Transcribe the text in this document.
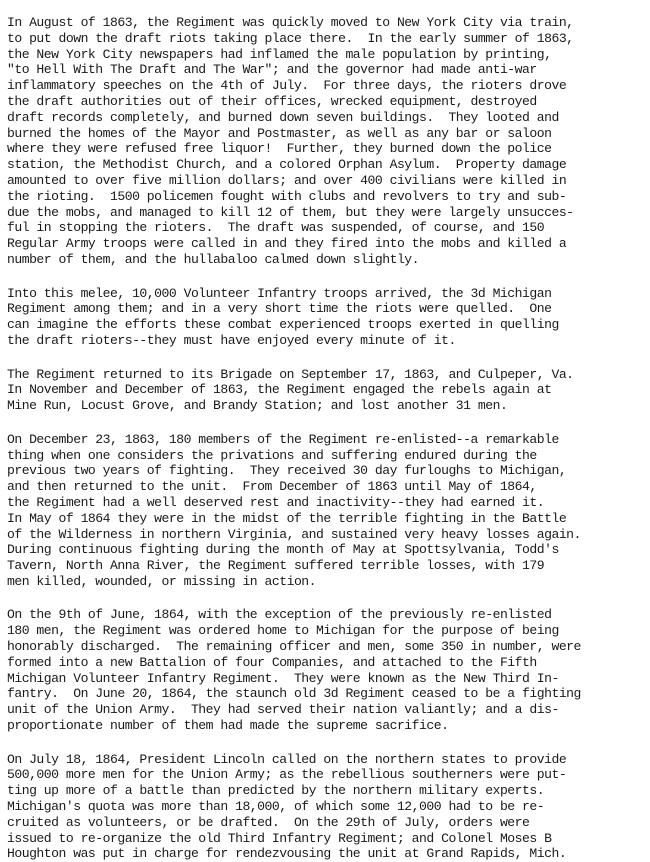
In August of 1863, the Regiment was quickly moved to New York City via train,
to put down the draft riots taking place there.  In the early summer of 1863,
the New York City newspapers had inflamed the male population by printing,
"to Hell With The Draft and The War"; and the governor had made anti-war
inflammatory speeches on the 4th of July.  For three days, the rioters drove
the draft authorities out of their offices, wrecked equipment, destroyed
draft records completely, and burned down seven buildings.  They looted and
burned the homes of the Mayor and Postmaster, as well as any bar or saloon
where they were refused free liquor!  Further, they burned down the police
station, the Methodist Church, and a colored Orphan Asylum.  Property damage
amounted to over five million dollars; and over 400 civilians were killed in
the rioting.  1500 policemen fought with clubs and revolvers to try and sub-
due the mobs, and managed to kill 12 of them, but they were largely unsucces-
ful in stopping the rioters.  The draft was suspended, of course, and 150
Regular Army troops were called in and they fired into the mobs and killed a
number of them, and the hullabaloo calmed down slightly.
Into this melee, 10,000 Volunteer Infantry troops arrived, the 3d Michigan
Regiment among them; and in a very short time the riots were quelled.  One
can imagine the efforts these combat experienced troops exerted in quelling
the draft rioters--they must have enjoyed every minute of it.
The Regiment returned to its Brigade on September 17, 1863, and Culpeper, Va.
In November and December of 1863, the Regiment engaged the rebels again at
Mine Run, Locust Grove, and Brandy Station; and lost another 31 men.
On December 23, 1863, 180 members of the Regiment re-enlisted--a remarkable
thing when one considers the privations and suffering endured during the
previous two years of fighting.  They received 30 day furloughs to Michigan,
and then returned to the unit.  From December of 1863 until May of 1864,
the Regiment had a well deserved rest and inactivity--they had earned it.
In May of 1864 they were in the midst of the terrible fighting in the Battle
of the Wilderness in northern Virginia, and sustained very heavy losses again.
During continuous fighting during the month of May at Spottsylvania, Todd's
Tavern, North Anna River, the Regiment suffered terrible losses, with 179
men killed, wounded, or missing in action.
On the 9th of June, 1864, with the exception of the previously re-enlisted
180 men, the Regiment was ordered home to Michigan for the purpose of being
honorably discharged.  The remaining officer and men, some 350 in number, were
formed into a new Battalion of four Companies, and attached to the Fifth
Michigan Volunteer Infantry Regiment.  They were known as the New Third In-
fantry.  On June 20, 1864, the staunch old 3d Regiment ceased to be a fighting
unit of the Union Army.  They had served their nation valiantly; and a dis-
proportionate number of them had made the supreme sacrifice.
On July 18, 1864, President Lincoln called on the northern states to provide
500,000 more men for the Union Army; as the rebellious southerners were put-
ting up more of a battle than predicted by the northern military experts.
Michigan's quota was more than 18,000, of which some 12,000 had to be re-
cruited as volunteers, or be drafted.  On the 29th of July, orders were
issued to re-organize the old Third Infantry Regiment; and Colonel Moses B
Houghton was put in charge for rendezvousing the unit at Grand Rapids, Mich.
